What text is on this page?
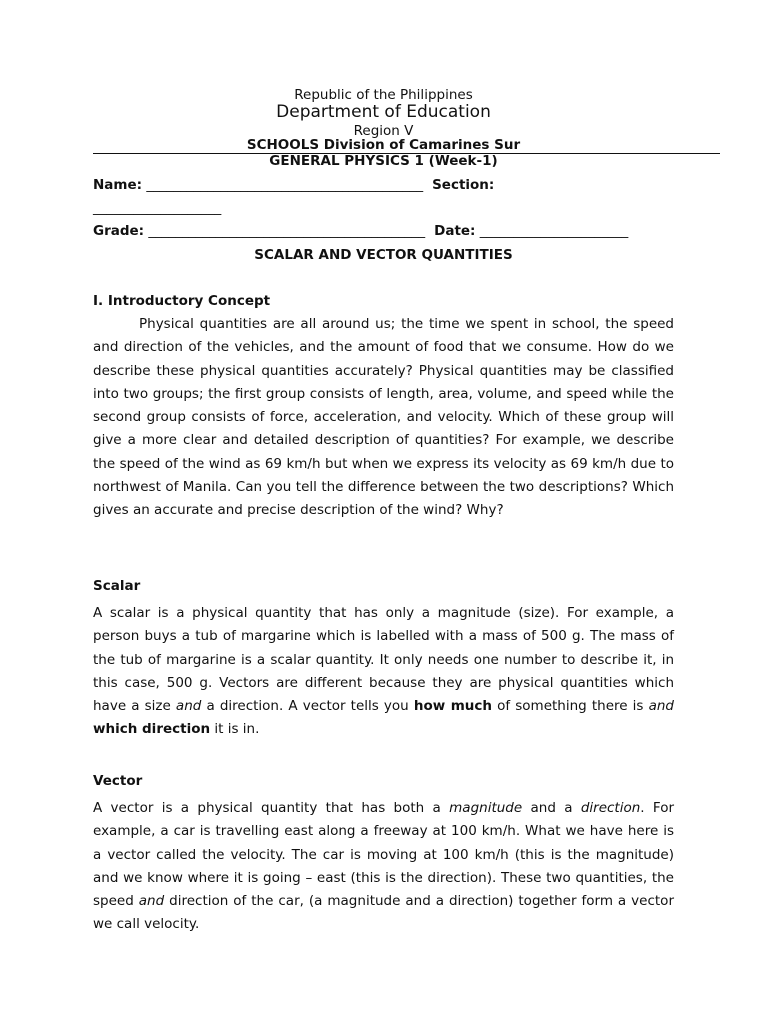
Republic of the Philippines
Department of Education
Region V
SCHOOLS Division of Camarines Sur
GENERAL PHYSICS 1 (Week-1)
Name: _________________________________________  Section:
___________________
Grade: _________________________________________  Date: ______________________
SCALAR AND VECTOR QUANTITIES
I. Introductory Concept
Physical quantities are all around us; the time we spent in school, the speed and direction of the vehicles, and the amount of food that we consume. How do we describe these physical quantities accurately? Physical quantities may be classified into two groups; the first group consists of length, area, volume, and speed while the second group consists of force, acceleration, and velocity. Which of these group will give a more clear and detailed description of quantities? For example, we describe the speed of the wind as 69 km/h but when we express its velocity as 69 km/h due to northwest of Manila. Can you tell the difference between the two descriptions? Which gives an accurate and precise description of the wind? Why?
Scalar
A scalar is a physical quantity that has only a magnitude (size). For example, a person buys a tub of margarine which is labelled with a mass of 500 g. The mass of the tub of margarine is a scalar quantity. It only needs one number to describe it, in this case, 500 g. Vectors are different because they are physical quantities which have a size and a direction. A vector tells you how much of something there is and which direction it is in.
Vector
A vector is a physical quantity that has both a magnitude and a direction. For example, a car is travelling east along a freeway at 100 km/h. What we have here is a vector called the velocity. The car is moving at 100 km/h (this is the magnitude) and we know where it is going – east (this is the direction). These two quantities, the speed and direction of the car, (a magnitude and a direction) together form a vector we call velocity.
